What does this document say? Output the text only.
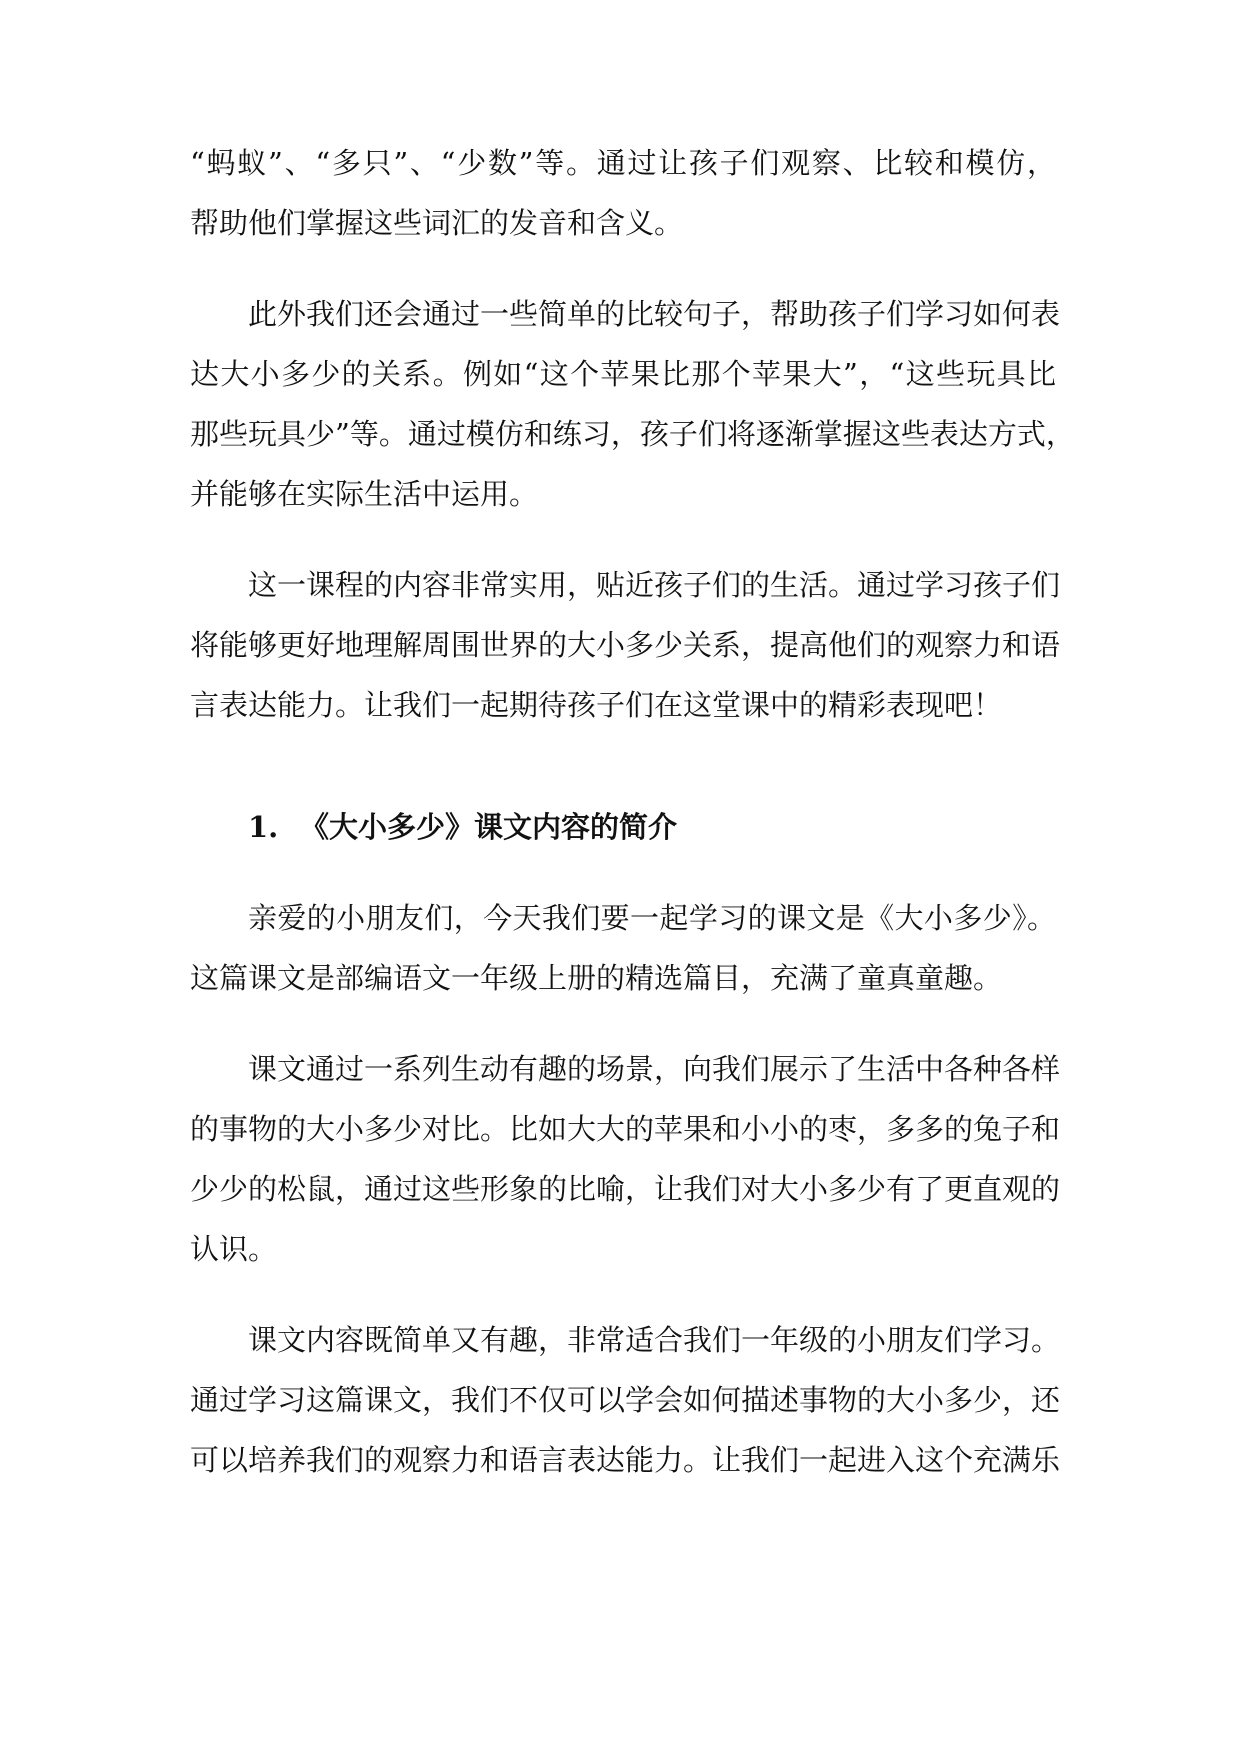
“蚂蚁”、“多只”、“少数”等。通过让孩子们观察、比较和模仿，
帮助他们掌握这些词汇的发音和含义。
此外我们还会通过一些简单的比较句子，帮助孩子们学习如何表
达大小多少的关系。例如“这个苹果比那个苹果大”，“这些玩具比
那些玩具少”等。通过模仿和练习，孩子们将逐渐掌握这些表达方式，
并能够在实际生活中运用。
这一课程的内容非常实用，贴近孩子们的生活。通过学习孩子们
将能够更好地理解周围世界的大小多少关系，提高他们的观察力和语
言表达能力。让我们一起期待孩子们在这堂课中的精彩表现吧！
1. 《大小多少》课文内容的简介
亲爱的小朋友们，今天我们要一起学习的课文是《大小多少》。
这篇课文是部编语文一年级上册的精选篇目，充满了童真童趣。
课文通过一系列生动有趣的场景，向我们展示了生活中各种各样
的事物的大小多少对比。比如大大的苹果和小小的枣，多多的兔子和
少少的松鼠，通过这些形象的比喻，让我们对大小多少有了更直观的
认识。
课文内容既简单又有趣，非常适合我们一年级的小朋友们学习。
通过学习这篇课文，我们不仅可以学会如何描述事物的大小多少，还
可以培养我们的观察力和语言表达能力。让我们一起进入这个充满乐
